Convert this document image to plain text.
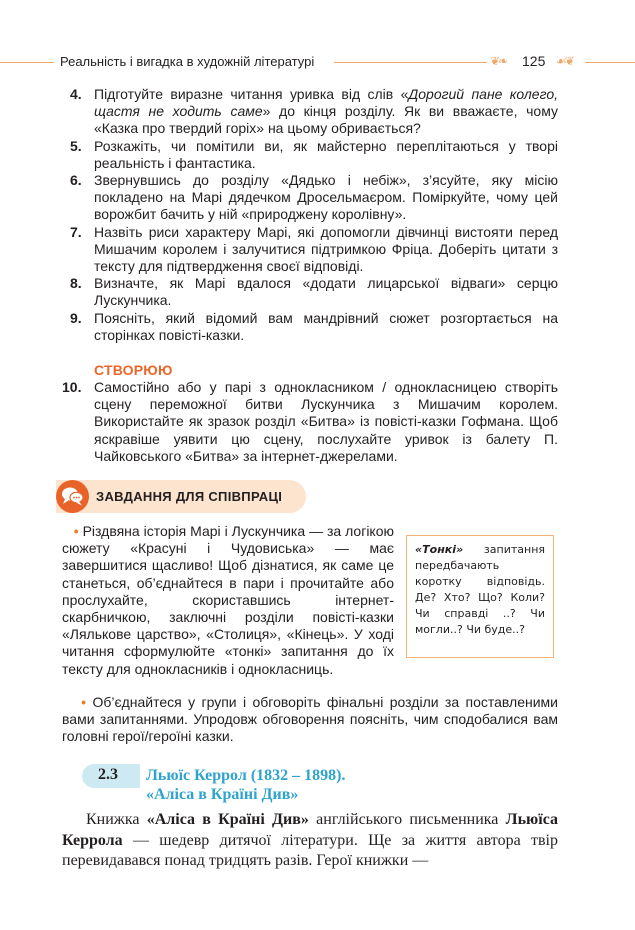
Реальність і вигадка в художній літературі	❦❧ 125 ☙❦
4. Підготуйте виразне читання уривка від слів «Дорогий пане колего, щастя не ходить саме» до кінця розділу. Як ви вважаєте, чому «Казка про твердий горіх» на цьому обривається?
5. Розкажіть, чи помітили ви, як майстерно переплітаються у творі реальність і фантастика.
6. Звернувшись до розділу «Дядько і небіж», з’ясуйте, яку місію покладено на Марі дядечком Дросельмаєром. Поміркуйте, чому цей ворожбит бачить у ній «природжену королівну».
7. Назвіть риси характеру Марі, які допомогли дівчинці вистояти перед Мишачим королем і залучитися підтримкою Фріца. Доберіть цитати з тексту для підтвердження своєї відповіді.
8. Визначте, як Марі вдалося «додати лицарської відваги» серцю Лускунчика.
9. Поясніть, який відомий вам мандрівний сюжет розгортається на сторінках повісті-казки.
СТВОРЮЮ
10. Самостійно або у парі з однокласником / однокласницею створіть сцену переможної битви Лускунчика з Мишачим королем. Використайте як зразок розділ «Битва» із повісті-казки Гофмана. Щоб яскравіше уявити цю сцену, послухайте уривок із балету П. Чайковського «Битва» за інтернет-джерелами.
ЗАВДАННЯ ДЛЯ СПІВПРАЦІ
• Різдвяна історія Марі і Лускунчика — за логікою сюжету «Красуні і Чудовиська» — має завершитися щасливо! Щоб дізнатися, як саме це станеться, об’єднайтеся в пари і прочитайте або прослухайте, скориставшись інтернет-скарбничкою, заключні розділи повісті-казки «Лялькове царство», «Столиця», «Кінець». У ході читання сформулюйте «тонкі» запитання до їх тексту для однокласників і однокласниць.
«Тонкі» запитання передбачають коротку відповідь. Де? Хто? Що? Коли? Чи справді ..? Чи могли..? Чи буде..?
• Об’єднайтеся у групи і обговоріть фінальні розділи за поставленими вами запитаннями. Упродовж обговорення поясніть, чим сподобалися вам головні герої/героїні казки.
2.3 Льюїс Керрол (1832 – 1898).
«Аліса в Країні Див»
Книжка «Аліса в Країні Див» англійського письменника Льюїса Керрола — шедевр дитячої літератури. Ще за життя автора твір перевидавався понад тридцять разів. Герої книжки —
